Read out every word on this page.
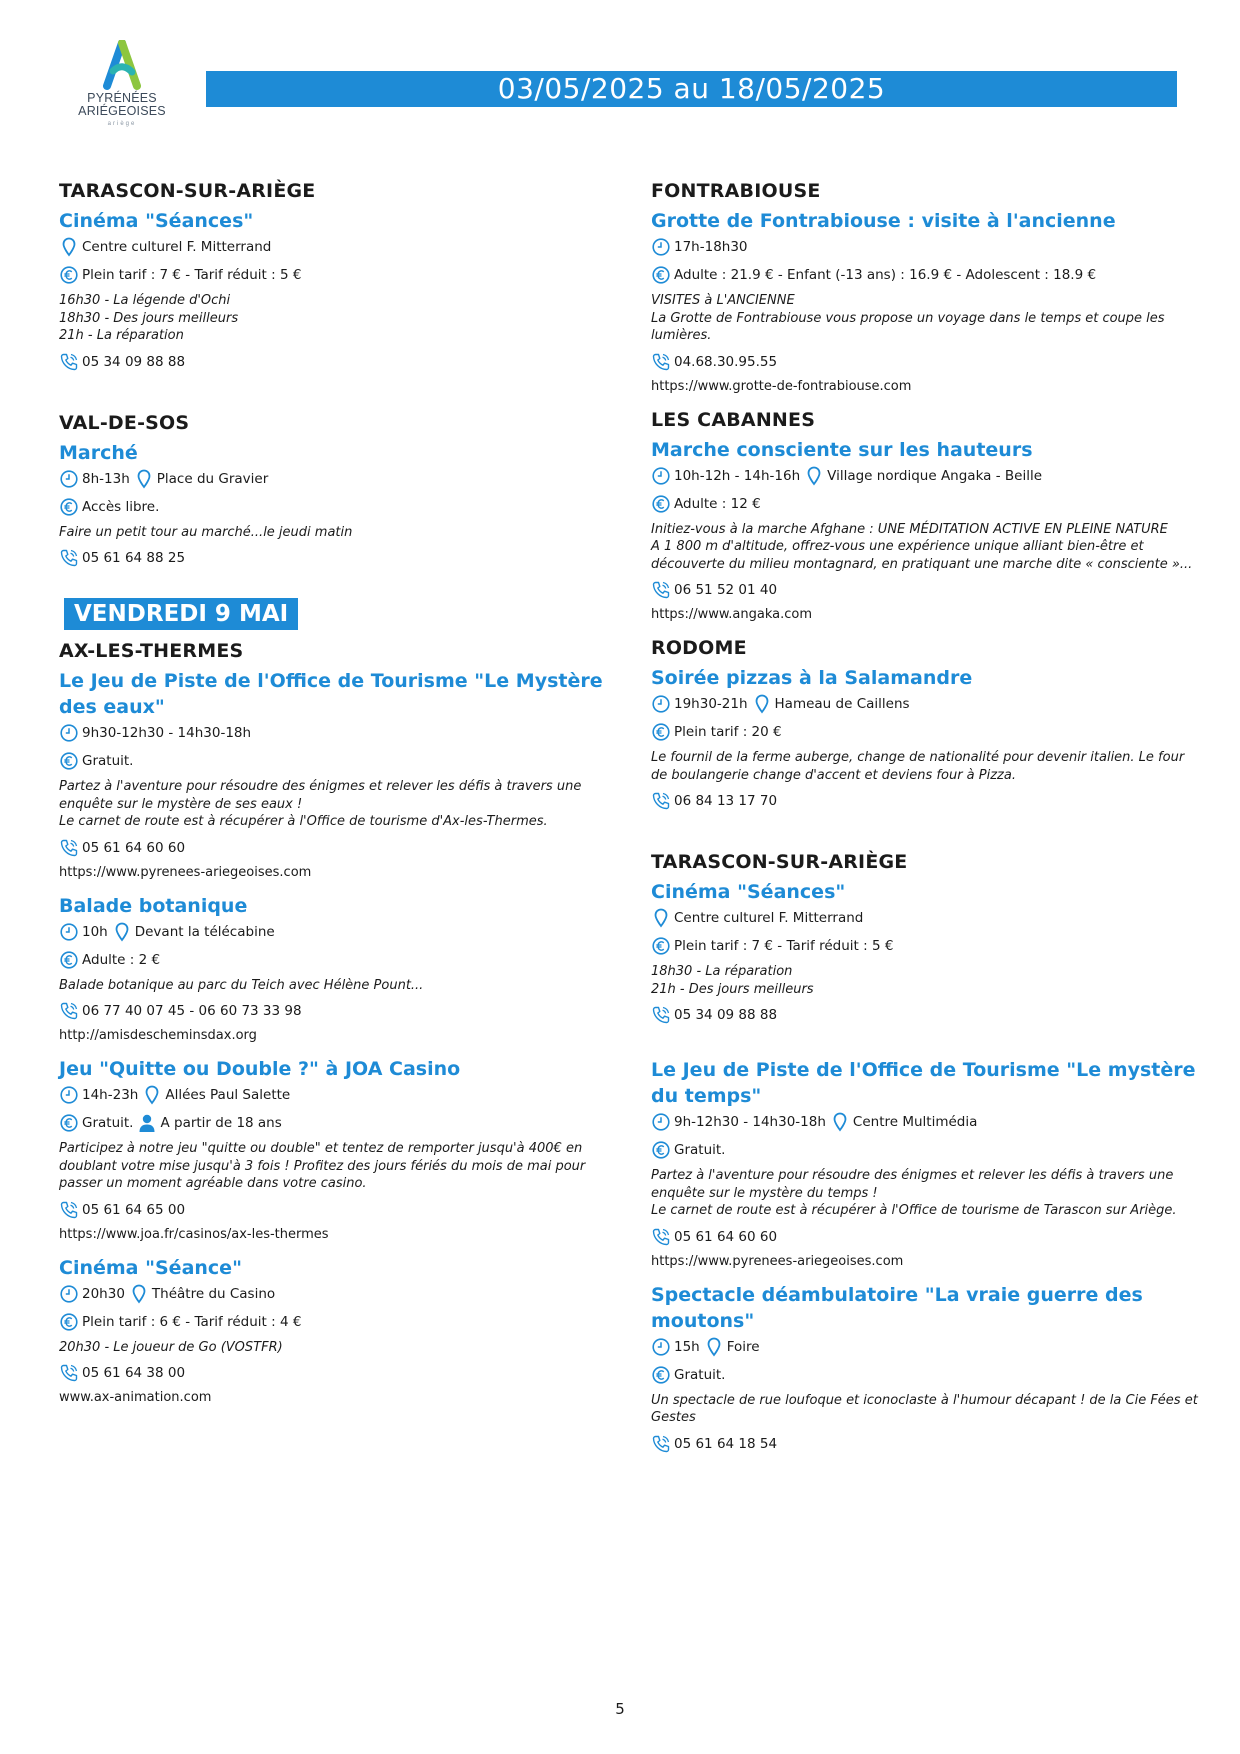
PYRÉNÉES
ARIÉGEOISES
ariège
03/05/2025 au 18/05/2025
TARASCON-SUR-ARIÈGE
Cinéma "Séances"
Centre culturel F. Mitterrand
Plein tarif : 7 € - Tarif réduit : 5 €
16h30 - La légende d'Ochi
18h30 - Des jours meilleurs
21h - La réparation
05 34 09 88 88
VAL-DE-SOS
Marché
8h-13h Place du Gravier
Accès libre.
Faire un petit tour au marché...le jeudi matin
05 61 64 88 25
VENDREDI 9 MAI
AX-LES-THERMES
Le Jeu de Piste de l'Office de Tourisme "Le Mystère des eaux"
9h30-12h30 - 14h30-18h
Gratuit.
Partez à l'aventure pour résoudre des énigmes et relever les défis à travers une enquête sur le mystère de ses eaux !
Le carnet de route est à récupérer à l'Office de tourisme d'Ax-les-Thermes.
05 61 64 60 60
https://www.pyrenees-ariegeoises.com
Balade botanique
10h Devant la télécabine
Adulte : 2 €
Balade botanique au parc du Teich avec Hélène Pount...
06 77 40 07 45 - 06 60 73 33 98
http://amisdescheminsdax.org
Jeu "Quitte ou Double ?" à JOA Casino
14h-23h Allées Paul Salette
Gratuit. A partir de 18 ans
Participez à notre jeu "quitte ou double" et tentez de remporter jusqu'à 400€ en doublant votre mise jusqu'à 3 fois ! Profitez des jours fériés du mois de mai pour passer un moment agréable dans votre casino.
05 61 64 65 00
https://www.joa.fr/casinos/ax-les-thermes
Cinéma "Séance"
20h30 Théâtre du Casino
Plein tarif : 6 € - Tarif réduit : 4 €
20h30 - Le joueur de Go (VOSTFR)
05 61 64 38 00
www.ax-animation.com
FONTRABIOUSE
Grotte de Fontrabiouse : visite à l'ancienne
17h-18h30
Adulte : 21.9 € - Enfant (-13 ans) : 16.9 € - Adolescent : 18.9 €
VISITES à L'ANCIENNE
La Grotte de Fontrabiouse vous propose un voyage dans le temps et coupe les lumières.
04.68.30.95.55
https://www.grotte-de-fontrabiouse.com
LES CABANNES
Marche consciente sur les hauteurs
10h-12h - 14h-16h Village nordique Angaka - Beille
Adulte : 12 €
Initiez-vous à la marche Afghane : UNE MÉDITATION ACTIVE EN PLEINE NATURE
A 1 800 m d'altitude, offrez-vous une expérience unique alliant bien-être et découverte du milieu montagnard, en pratiquant une marche dite « consciente »...
06 51 52 01 40
https://www.angaka.com
RODOME
Soirée pizzas à la Salamandre
19h30-21h Hameau de Caillens
Plein tarif : 20 €
Le fournil de la ferme auberge, change de nationalité pour devenir italien. Le four de boulangerie change d'accent et deviens four à Pizza.
06 84 13 17 70
TARASCON-SUR-ARIÈGE
Cinéma "Séances"
Centre culturel F. Mitterrand
Plein tarif : 7 € - Tarif réduit : 5 €
18h30 - La réparation
21h - Des jours meilleurs
05 34 09 88 88
Le Jeu de Piste de l'Office de Tourisme "Le mystère du temps"
9h-12h30 - 14h30-18h Centre Multimédia
Gratuit.
Partez à l'aventure pour résoudre des énigmes et relever les défis à travers une enquête sur le mystère du temps !
Le carnet de route est à récupérer à l'Office de tourisme de Tarascon sur Ariège.
05 61 64 60 60
https://www.pyrenees-ariegeoises.com
Spectacle déambulatoire "La vraie guerre des moutons"
15h Foire
Gratuit.
Un spectacle de rue loufoque et iconoclaste à l'humour décapant ! de la Cie Fées et Gestes
05 61 64 18 54
5
